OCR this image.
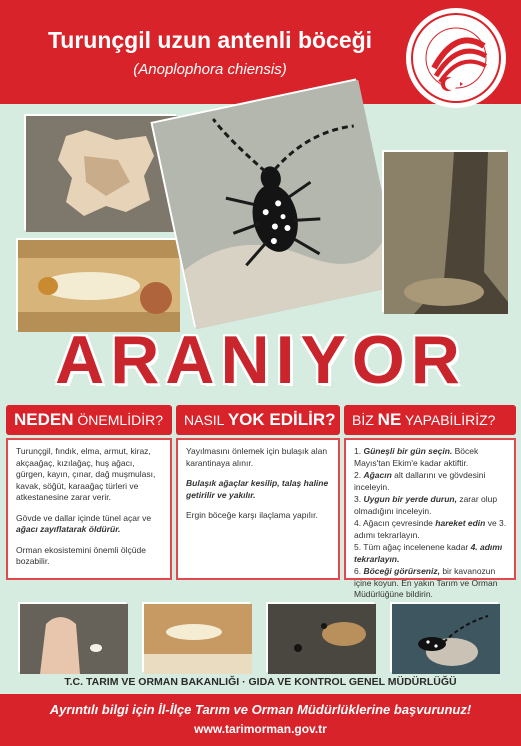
Turunçgil uzun antenli böceği
(Anoplophora chiensis)
ARANIYOR
NEDEN ÖNEMLİDİR?	NASIL YOK EDİLİR?	BİZ NE YAPABİLİRİZ?

Turunçgil, fındık, elma, armut, kiraz, akçaağaç, kızılağaç, huş ağacı, gürgen, kayın, çınar, dağ muşmulası, kavak, söğüt, karaağaç türleri ve atkestanesine zarar verir.

Gövde ve dallar içinde tünel açar ve ağacı zayıflatarak öldürür.

Orman ekosistemini önemli ölçüde bozabilir.

Yayılmasını önlemek için bulaşık alan karantinaya alınır.

Bulaşık ağaçlar kesilip, talaş haline getirilir ve yakılır.

Ergin böceğe karşı ilaçlama yapılır.

1. Güneşli bir gün seçin. Böcek Mayıs'tan Ekim'e kadar aktiftir.

2. Ağacın alt dallarını ve gövdesini inceleyin.

3. Uygun bir yerde durun, zarar olup olmadığını inceleyin.

4. Ağacın çevresinde hareket edin ve 3. adımı tekrarlayın.

5. Tüm ağaç incelenene kadar 4. adımı tekrarlayın.

6. Böceği görürseniz, bir kavanozun içine koyun. En yakın Tarım ve Orman Müdürlüğüne bildirin.

T.C. TARIM VE ORMAN BAKANLIĞI · GIDA VE KONTROL GENEL MÜDÜRLÜĞÜ
Ayrıntılı bilgi için İl-İlçe Tarım ve Orman Müdürlüklerine başvurunuz!
www.tarimorman.gov.tr
